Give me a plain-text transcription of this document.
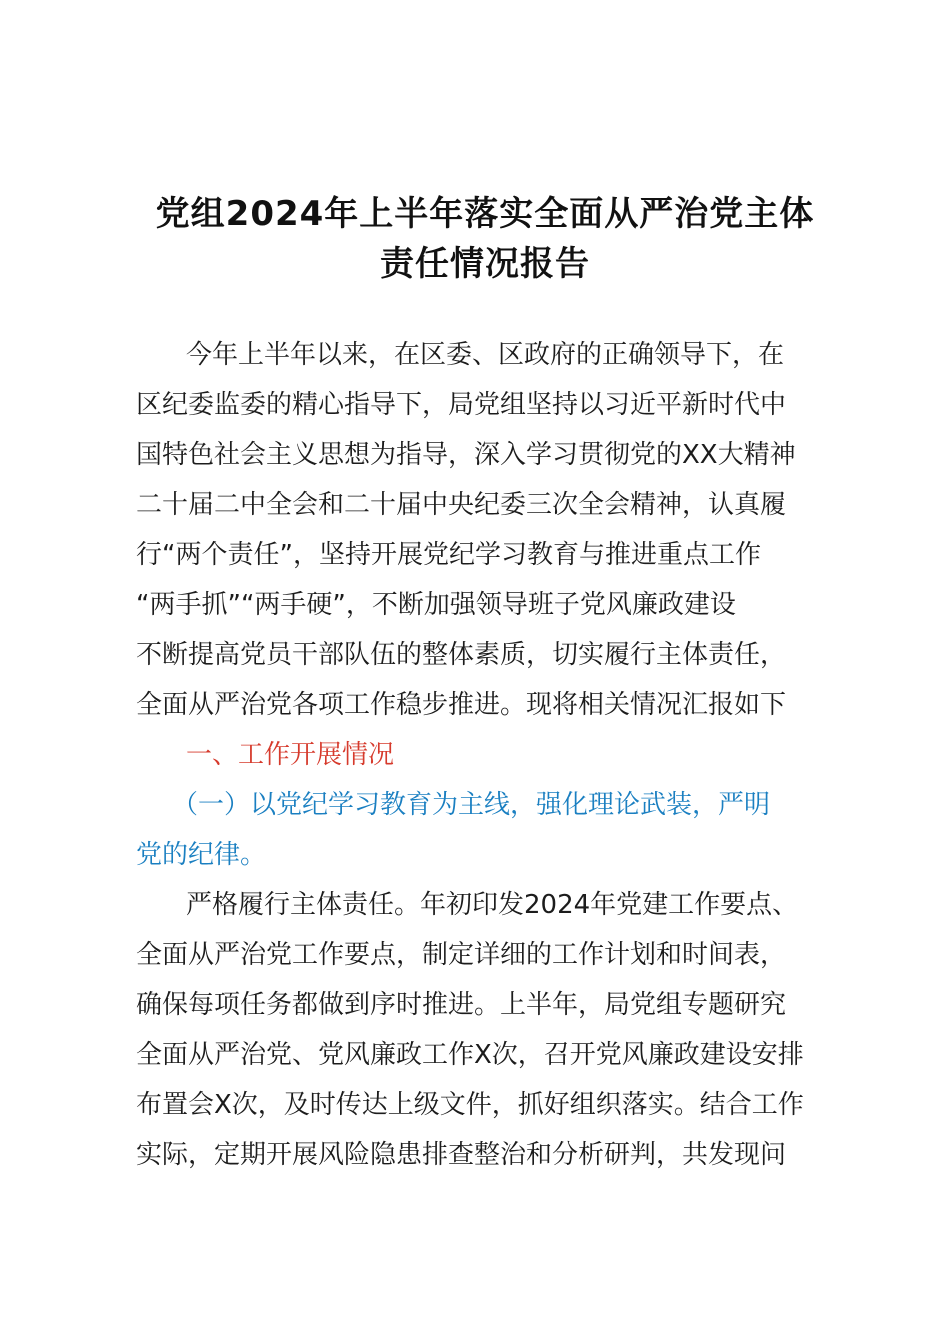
党组2024年上半年落实全面从严治党主体
责任情况报告
今年上半年以来，在区委、区政府的正确领导下，在
区纪委监委的精心指导下，局党组坚持以习近平新时代中
国特色社会主义思想为指导，深入学习贯彻党的XX大精神
二十届二中全会和二十届中央纪委三次全会精神，认真履
行“两个责任”，坚持开展党纪学习教育与推进重点工作
“两手抓”“两手硬”，不断加强领导班子党风廉政建设
不断提高党员干部队伍的整体素质，切实履行主体责任，
全面从严治党各项工作稳步推进。现将相关情况汇报如下
一、工作开展情况
（一）以党纪学习教育为主线，强化理论武装，严明
党的纪律。
严格履行主体责任。年初印发2024年党建工作要点、
全面从严治党工作要点，制定详细的工作计划和时间表，
确保每项任务都做到序时推进。上半年，局党组专题研究
全面从严治党、党风廉政工作X次，召开党风廉政建设安排
布置会X次，及时传达上级文件，抓好组织落实。结合工作
实际，定期开展风险隐患排查整治和分析研判，共发现问
